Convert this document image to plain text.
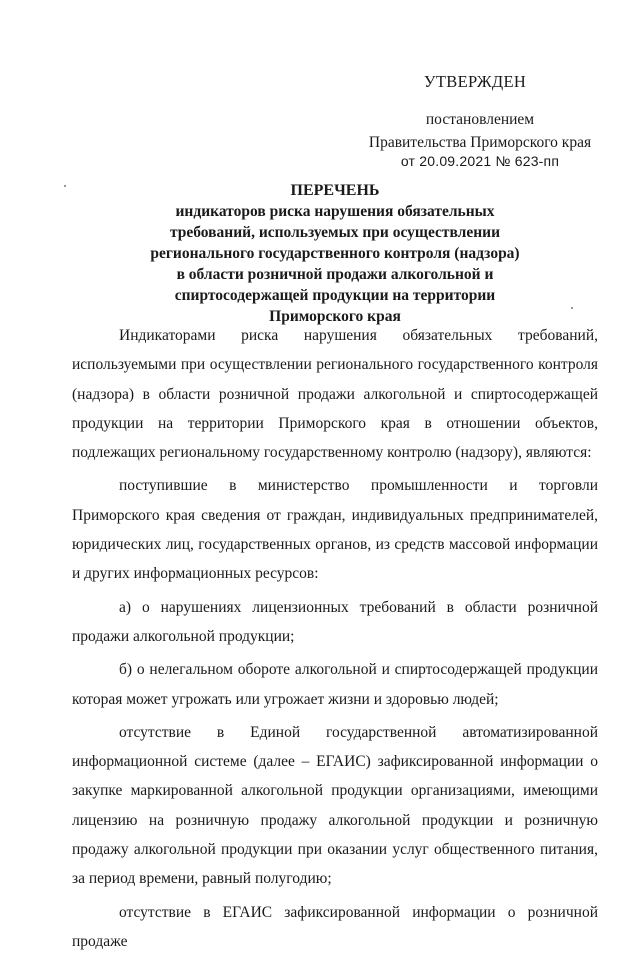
УТВЕРЖДЕН
постановлением
Правительства Приморского края
от 20.09.2021 № 623-пп
ПЕРЕЧЕНЬ
индикаторов риска нарушения обязательных
требований, используемых при осуществлении
регионального государственного контроля (надзора)
в области розничной продажи алкогольной и
спиртосодержащей продукции на территории
Приморского края

Индикаторами риска нарушения обязательных требований, используемыми при осуществлении регионального государственного контроля (надзора) в области розничной продажи алкогольной и спиртосодержащей продукции на территории Приморского края в отношении объектов, подлежащих региональному государственному контролю (надзору), являются:

поступившие в министерство промышленности и торговли Приморского края сведения от граждан, индивидуальных предпринимателей, юридических лиц, государственных органов, из средств массовой информации и других информационных ресурсов:

а) о нарушениях лицензионных требований в области розничной продажи алкогольной продукции;

б) о нелегальном обороте алкогольной и спиртосодержащей продукции которая может угрожать или угрожает жизни и здоровью людей;

отсутствие в Единой государственной автоматизированной информационной системе (далее – ЕГАИС) зафиксированной информации о закупке маркированной алкогольной продукции организациями, имеющими лицензию на розничную продажу алкогольной продукции и розничную продажу алкогольной продукции при оказании услуг общественного питания, за период времени, равный полугодию;

отсутствие в ЕГАИС зафиксированной информации о розничной продаже
